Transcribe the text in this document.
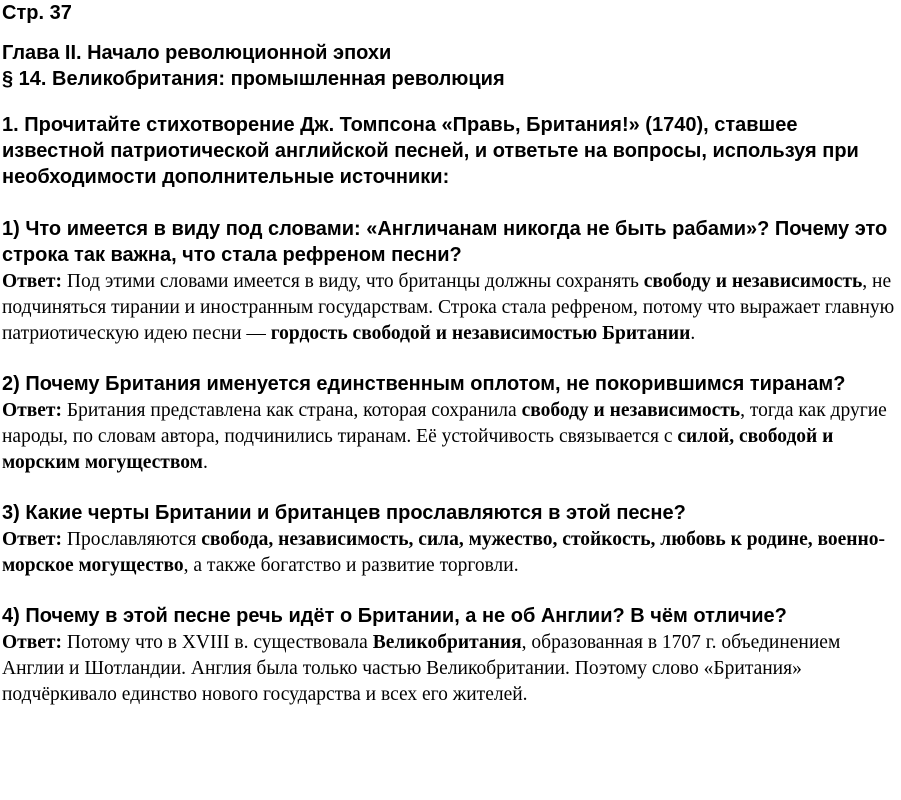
Стр. 37

Глава II. Начало революционной эпохи

§ 14. Великобритания: промышленная революция

1. Прочитайте стихотворение Дж. Томпсона «Правь, Британия!» (1740), ставшее известной патриотической английской песней, и ответьте на вопросы, используя при необходимости дополнительные источники:

1) Что имеется в виду под словами: «Англичанам никогда не быть рабами»? Почему это строка так важна, что стала рефреном песни?

Ответ: Под этими словами имеется в виду, что британцы должны сохранять свободу и независимость, не подчиняться тирании и иностранным государствам. Строка стала рефреном, потому что выражает главную патриотическую идею песни — гордость свободой и независимостью Британии.

2) Почему Британия именуется единственным оплотом, не покорившимся тиранам?

Ответ: Британия представлена как страна, которая сохранила свободу и независимость, тогда как другие народы, по словам автора, подчинились тиранам. Её устойчивость связывается с силой, свободой и морским могуществом.

3) Какие черты Британии и британцев прославляются в этой песне?

Ответ: Прославляются свобода, независимость, сила, мужество, стойкость, любовь к родине, военно-морское могущество, а также богатство и развитие торговли.

4) Почему в этой песне речь идёт о Британии, а не об Англии? В чём отличие?

Ответ: Потому что в XVIII в. существовала Великобритания, образованная в 1707 г. объединением Англии и Шотландии. Англия была только частью Великобритании. Поэтому слово «Британия» подчёркивало единство нового государства и всех его жителей.
